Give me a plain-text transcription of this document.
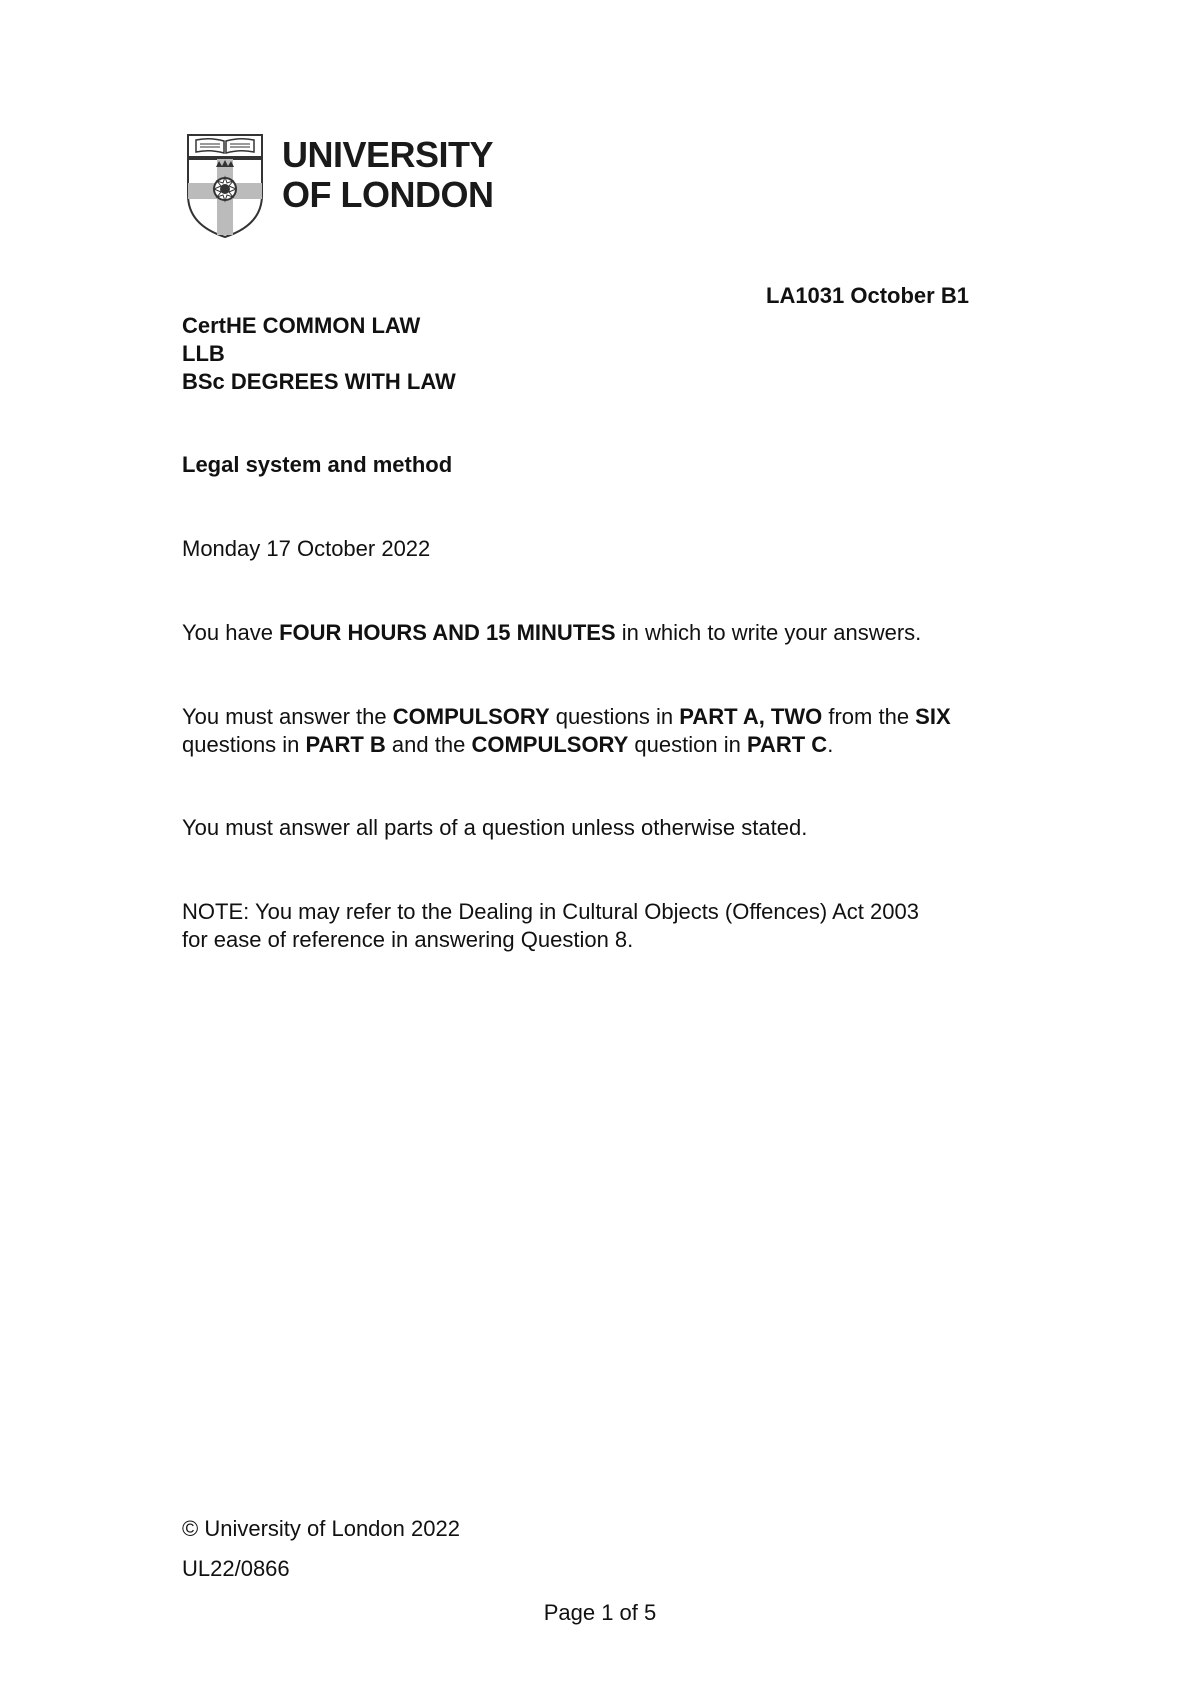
UNIVERSITY
OF LONDON
LA1031 October B1
CertHE COMMON LAW
LLB
BSc DEGREES WITH LAW
Legal system and method
Monday 17 October 2022
You have FOUR HOURS AND 15 MINUTES in which to write your answers.
You must answer the COMPULSORY questions in PART A, TWO from the SIX
questions in PART B and the COMPULSORY question in PART C.
You must answer all parts of a question unless otherwise stated.
NOTE: You may refer to the Dealing in Cultural Objects (Offences) Act 2003
for ease of reference in answering Question 8.
© University of London 2022
UL22/0866
Page 1 of 5
